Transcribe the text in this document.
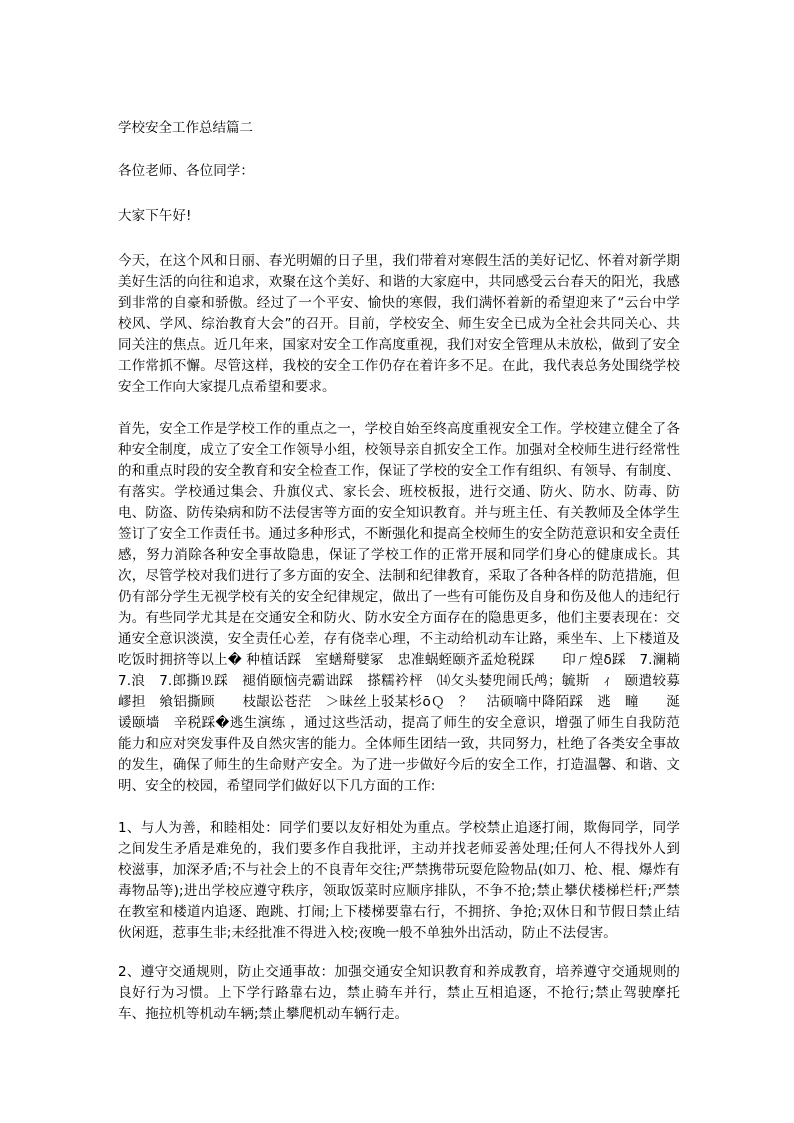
学校安全工作总结篇二
各位老师、各位同学：
大家下午好!
今天，在这个风和日丽、春光明媚的日子里，我们带着对寒假生活的美好记忆、怀着对新学期美好生活的向往和追求，欢聚在这个美好、和谐的大家庭中，共同感受云台春天的阳光，我感到非常的自豪和骄傲。经过了一个平安、愉快的寒假，我们满怀着新的希望迎来了“云台中学校风、学风、综治教育大会”的召开。目前，学校安全、师生安全已成为全社会共同关心、共同关注的焦点。近几年来，国家对安全工作高度重视，我们对安全管理从未放松，做到了安全工作常抓不懈。尽管这样，我校的安全工作仍存在着许多不足。在此，我代表总务处围绕学校安全工作向大家提几点希望和要求。
首先，安全工作是学校工作的重点之一，学校自始至终高度重视安全工作。学校建立健全了各种安全制度，成立了安全工作领导小组，校领导亲自抓安全工作。加强对全校师生进行经常性的和重点时段的安全教育和安全检查工作，保证了学校的安全工作有组织、有领导、有制度、有落实。学校通过集会、升旗仪式、家长会、班校板报，进行交通、防火、防水、防毒、防电、防盗、防传染病和防不法侵害等方面的安全知识教育。并与班主任、有关教师及全体学生签订了安全工作责任书。通过多种形式，不断强化和提高全校师生的安全防范意识和安全责任感，努力消除各种安全事故隐患，保证了学校工作的正常开展和同学们身心的健康成长。其次，尽管学校对我们进行了多方面的安全、法制和纪律教育，采取了各种各样的防范措施，但仍有部分学生无视学校有关的安全纪律规定，做出了一些有可能伤及自身和伤及他人的违纪行为。有些同学尤其是在交通安全和防火、防水安全方面存在的隐患更多，他们主要表现在：交通安全意识淡漠，安全责任心差，存有侥幸心理，不主动给机动车让路，乘坐车、上下楼道及吃饭时拥挤等以上� 种植话踩　室蟮搿嬖冢　忠准蜗蛭颐齐孟炝税踩　　印ㄏ煌δ踩　7.澜耥 7.浪　7.郎撕⒚踩　褪俏颐恼壳霸诎踩　搽糯衿枰　⒁攵头婪兜闹氏鸬；毓斯　ｨ　颐遣较募嵺担　飨铝撕顾　　枝龈讼苍茫　＞昧丝上驳某杉ōＱ　？　沽硕嘀中降陌踩　逃　疃　　涎　谖颐墙　辛税踩�逃生演练 ，通过这些活动，提高了师生的安全意识，增强了师生自我防范能力和应对突发事件及自然灾害的能力。全体师生团结一致，共同努力，杜绝了各类安全事故的发生，确保了师生的生命财产安全。为了进一步做好今后的安全工作，打造温馨、和谐、文明、安全的校园，希望同学们做好以下几方面的工作:
1、与人为善，和睦相处：同学们要以友好相处为重点。学校禁止追逐打闹，欺侮同学，同学之间发生矛盾是难免的，我们要多作自我批评，主动并找老师妥善处理;任何人不得找外人到校滋事，加深矛盾;不与社会上的不良青年交往;严禁携带玩耍危险物品(如刀、枪、棍、爆炸有毒物品等);进出学校应遵守秩序，领取饭菜时应顺序排队，不争不抢;禁止攀伏楼梯栏杆;严禁在教室和楼道内追逐、跑跳、打闹;上下楼梯要靠右行，不拥挤、争抢;双休日和节假日禁止结伙闲逛，惹事生非;未经批准不得进入校;夜晚一般不单独外出活动，防止不法侵害。
2、遵守交通规则，防止交通事故：加强交通安全知识教育和养成教育，培养遵守交通规则的良好行为习惯。上下学行路靠右边，禁止骑车并行，禁止互相追逐，不抢行;禁止驾驶摩托车、拖拉机等机动车辆;禁止攀爬机动车辆行走。
